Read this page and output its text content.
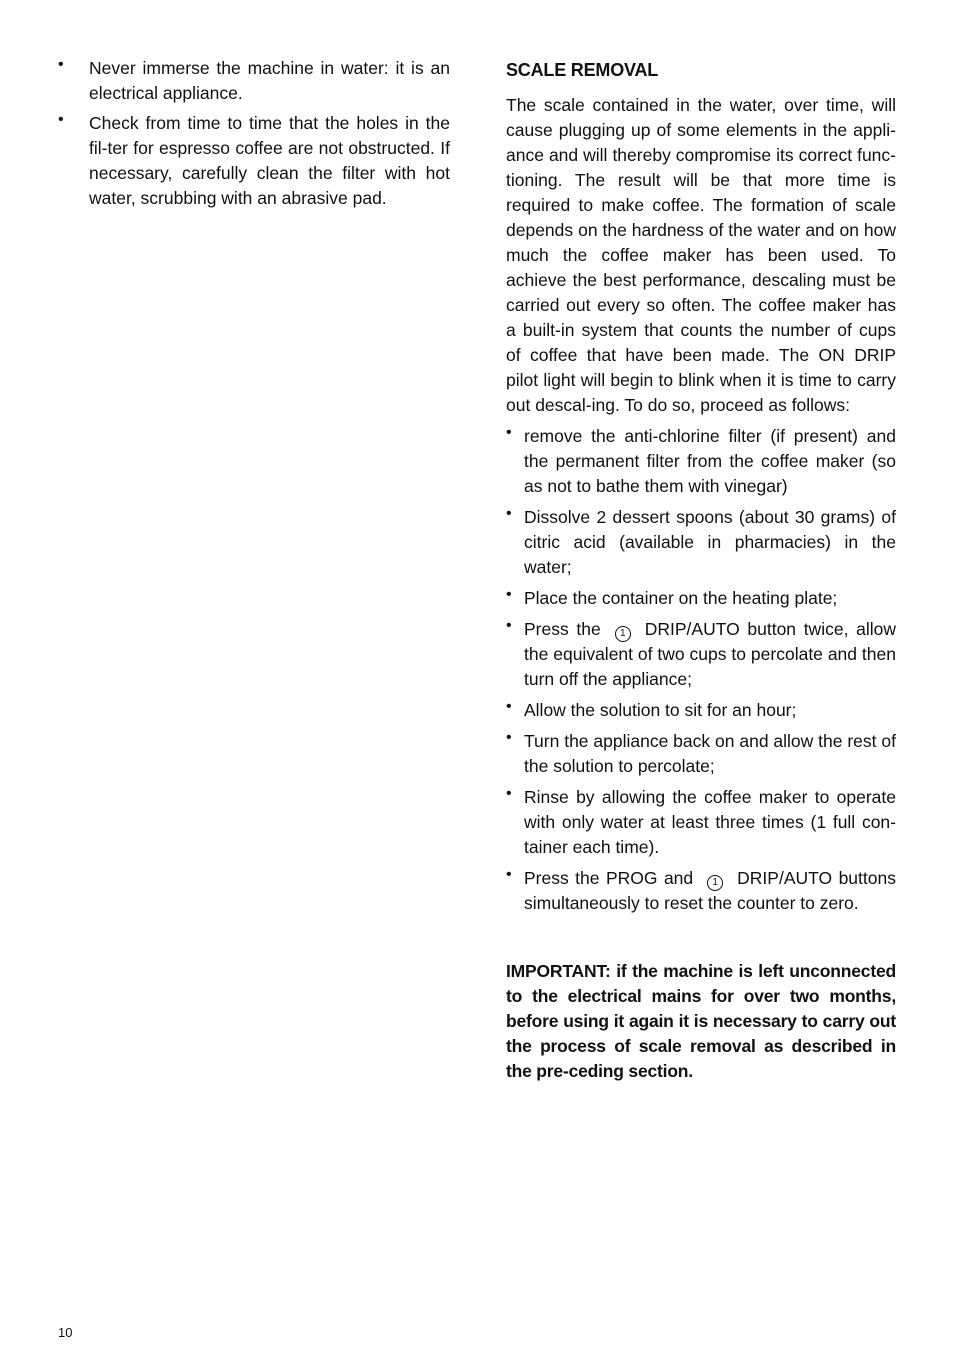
•	Never immerse the machine in water: it is an electrical appliance.

•	Check from time to time that the holes in the fil-ter for espresso coffee are not obstructed. If necessary, carefully clean the filter with hot water, scrubbing with an abrasive pad.

SCALE REMOVAL

The scale contained in the water, over time, will cause plugging up of some elements in the appli-ance and will thereby compromise its correct func-tioning. The result will be that more time is required to make coffee. The formation of scale depends on the hardness of the water and on how much the coffee maker has been used. To achieve the best performance, descaling must be carried out every so often. The coffee maker has a built-in system that counts the number of cups of coffee that have been made. The ON DRIP pilot light will begin to blink when it is time to carry out descal-ing. To do so, proceed as follows:

• remove the anti-chlorine filter (if present) and the permanent filter from the coffee maker (so as not to bathe them with vinegar)

• Dissolve 2 dessert spoons (about 30 grams) of citric acid (available in pharmacies) in the water;

• Place the container on the heating plate;

• Press the 1 DRIP/AUTO button twice, allow the equivalent of two cups to percolate and then turn off the appliance;

• Allow the solution to sit for an hour;

• Turn the appliance back on and allow the rest of the solution to percolate;

• Rinse by allowing the coffee maker to operate with only water at least three times (1 full con-tainer each time).

• Press the PROG and 1 DRIP/AUTO buttons simultaneously to reset the counter to zero.

IMPORTANT: if the machine is left unconnected to the electrical mains for over two months, before using it again it is necessary to carry out the process of scale removal as described in the pre-ceding section.

10
